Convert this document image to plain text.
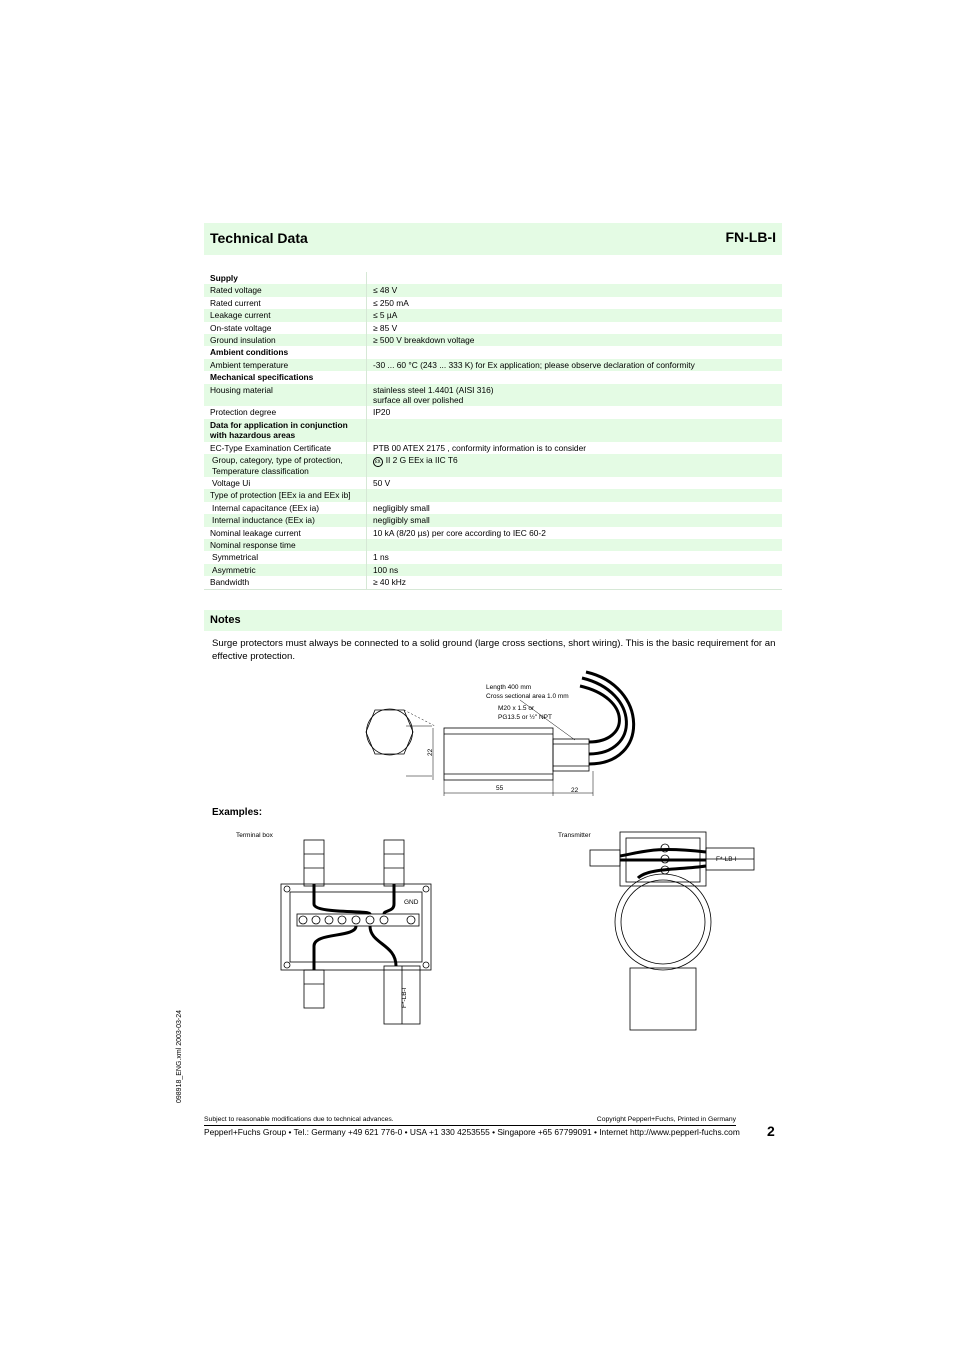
Technical Data	FN-LB-I
Supply	
Rated voltage	≤ 48 V
Rated current	≤ 250 mA
Leakage current	≤ 5 µA
On-state voltage	≥ 85 V
Ground insulation	≥ 500 V breakdown voltage
Ambient conditions	
Ambient temperature	-30 ... 60 °C (243 ... 333 K) for Ex application; please observe declaration of conformity
Mechanical specifications	
Housing material	stainless steel 1.4401 (AISI 316)
surface all over polished
Protection degree	IP20
Data for application in conjunction with hazardous areas	
EC-Type Examination Certificate	PTB 00 ATEX 2175 , conformity information is to consider
Group, category, type of protection, Temperature classification	εx II 2 G EEx ia IIC T6
Voltage Ui	50 V
Type of protection [EEx ia and EEx ib]	
Internal capacitance (EEx ia)	negligibly small
Internal inductance (EEx ia)	negligibly small
Nominal leakage current	10 kA (8/20 µs) per core according to IEC 60-2
Nominal response time	
Symmetrical	1 ns
Asymmetric	100 ns
Bandwidth	≥ 40 kHz
Notes
Surge protectors must always be connected to a solid ground (large cross sections, short wiring). This is the basic requirement for an effective protection.
Length 400 mm
Cross sectional area 1.0 mm
M20 x 1.5 or
PG13.5 or ½" NPT
22
55	22
Examples:
Terminal box
GND
F*-LB-I
Transmitter
F*-LB-I
098918_ENG.xml 2003-03-24
Subject to reasonable modifications due to technical advances.	Copyright Pepperl+Fuchs, Printed in Germany
Pepperl+Fuchs Group • Tel.: Germany +49 621 776-0 • USA +1 330 4253555 • Singapore +65 67799091 • Internet http://www.pepperl-fuchs.com 2
